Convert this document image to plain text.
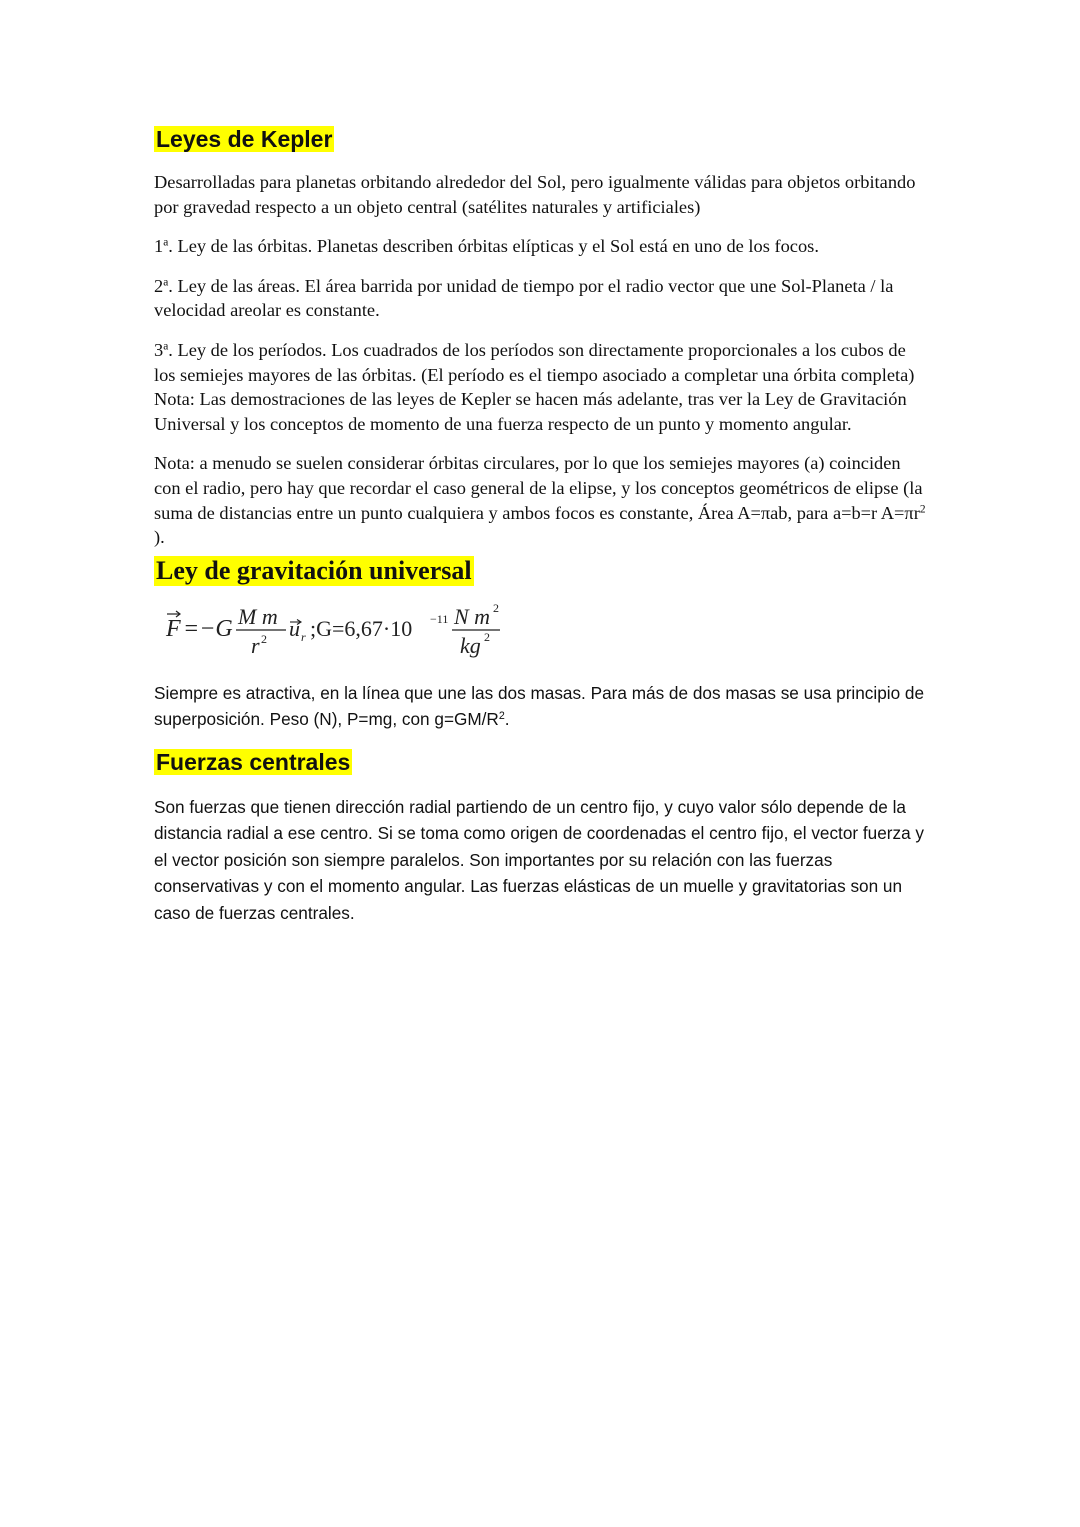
Leyes de Kepler

Desarrolladas para planetas orbitando alrededor del Sol, pero igualmente válidas para objetos orbitando por gravedad respecto a un objeto central (satélites naturales y artificiales)

1$^a$. Ley de las órbitas. Planetas describen órbitas elípticas y el Sol está en uno de los focos.

2$^a$. Ley de las áreas. El área barrida por unidad de tiempo por el radio vector que une Sol-Planeta / la velocidad areolar es constante.

3$^a$. Ley de los períodos. Los cuadrados de los períodos son directamente proporcionales a los cubos de los semiejes mayores de las órbitas. (El período es el tiempo asociado a completar una órbita completa) Nota: Las demostraciones de las leyes de Kepler se hacen más adelante, tras ver la Ley de Gravitación Universal y los conceptos de momento de una fuerza respecto de un punto y momento angular.

Nota: a menudo se suelen considerar órbitas circulares, por lo que los semiejes mayores (a) coinciden con el radio, pero hay que recordar el caso general de la elipse, y los conceptos geométricos de elipse (la suma de distancias entre un punto cualquiera y ambos focos es constante, Área A=πab, para a=b=r $A=\pi r^2$ ).

Ley de gravitación universal
F =−G M m
r 2 u r ;G=6,67·10 −11 N m 2
kg 2

Siempre es atractiva, en la línea que une las dos masas. Para más de dos masas se usa principio de superposición. Peso (N), P=mg, con $g=GM/R^2$.

Fuerzas centrales

Son fuerzas que tienen dirección radial partiendo de un centro fijo, y cuyo valor sólo depende de la distancia radial a ese centro. Si se toma como origen de coordenadas el centro fijo, el vector fuerza y el vector posición son siempre paralelos. Son importantes por su relación con las fuerzas conservativas y con el momento angular. Las fuerzas elásticas de un muelle y gravitatorias son un caso de fuerzas centrales.
